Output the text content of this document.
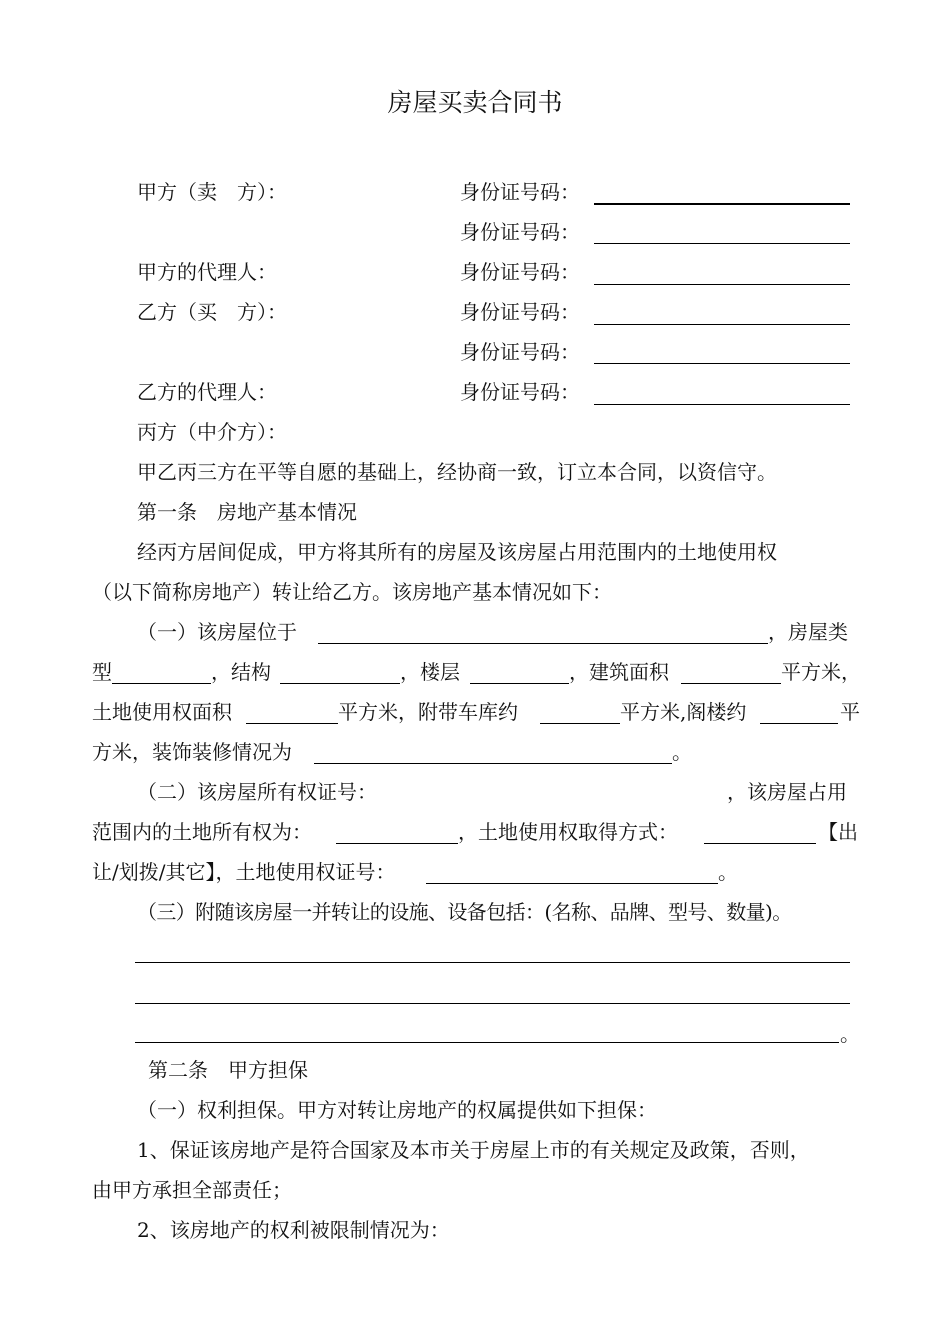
房屋买卖合同书
甲方（卖　方）：	身份证号码：
身份证号码：
甲方的代理人：	身份证号码：
乙方（买　方）：	身份证号码：
身份证号码：
乙方的代理人：	身份证号码：
丙方（中介方）：
甲乙丙三方在平等自愿的基础上，经协商一致，订立本合同，以资信守。
第一条　房地产基本情况
经丙方居间促成，甲方将其所有的房屋及该房屋占用范围内的土地使用权
（以下简称房地产）转让给乙方。该房地产基本情况如下：
（一）该房屋位于	，房屋类
型	，结构	，楼层	，建筑面积	平方米，
土地使用权面积	平方米，附带车库约	平方米,阁楼约	平
方米，装饰装修情况为	。
（二）该房屋所有权证号：	，该房屋占用
范围内的土地所有权为：	，土地使用权取得方式：	【出
让/划拨/其它】，土地使用权证号：	。
（三）附随该房屋一并转让的设施、设备包括：(名称、品牌、型号、数量)。
。
第二条　甲方担保
（一）权利担保。甲方对转让房地产的权属提供如下担保：
1、保证该房地产是符合国家及本市关于房屋上市的有关规定及政策，否则，
由甲方承担全部责任；
2、该房地产的权利被限制情况为：
